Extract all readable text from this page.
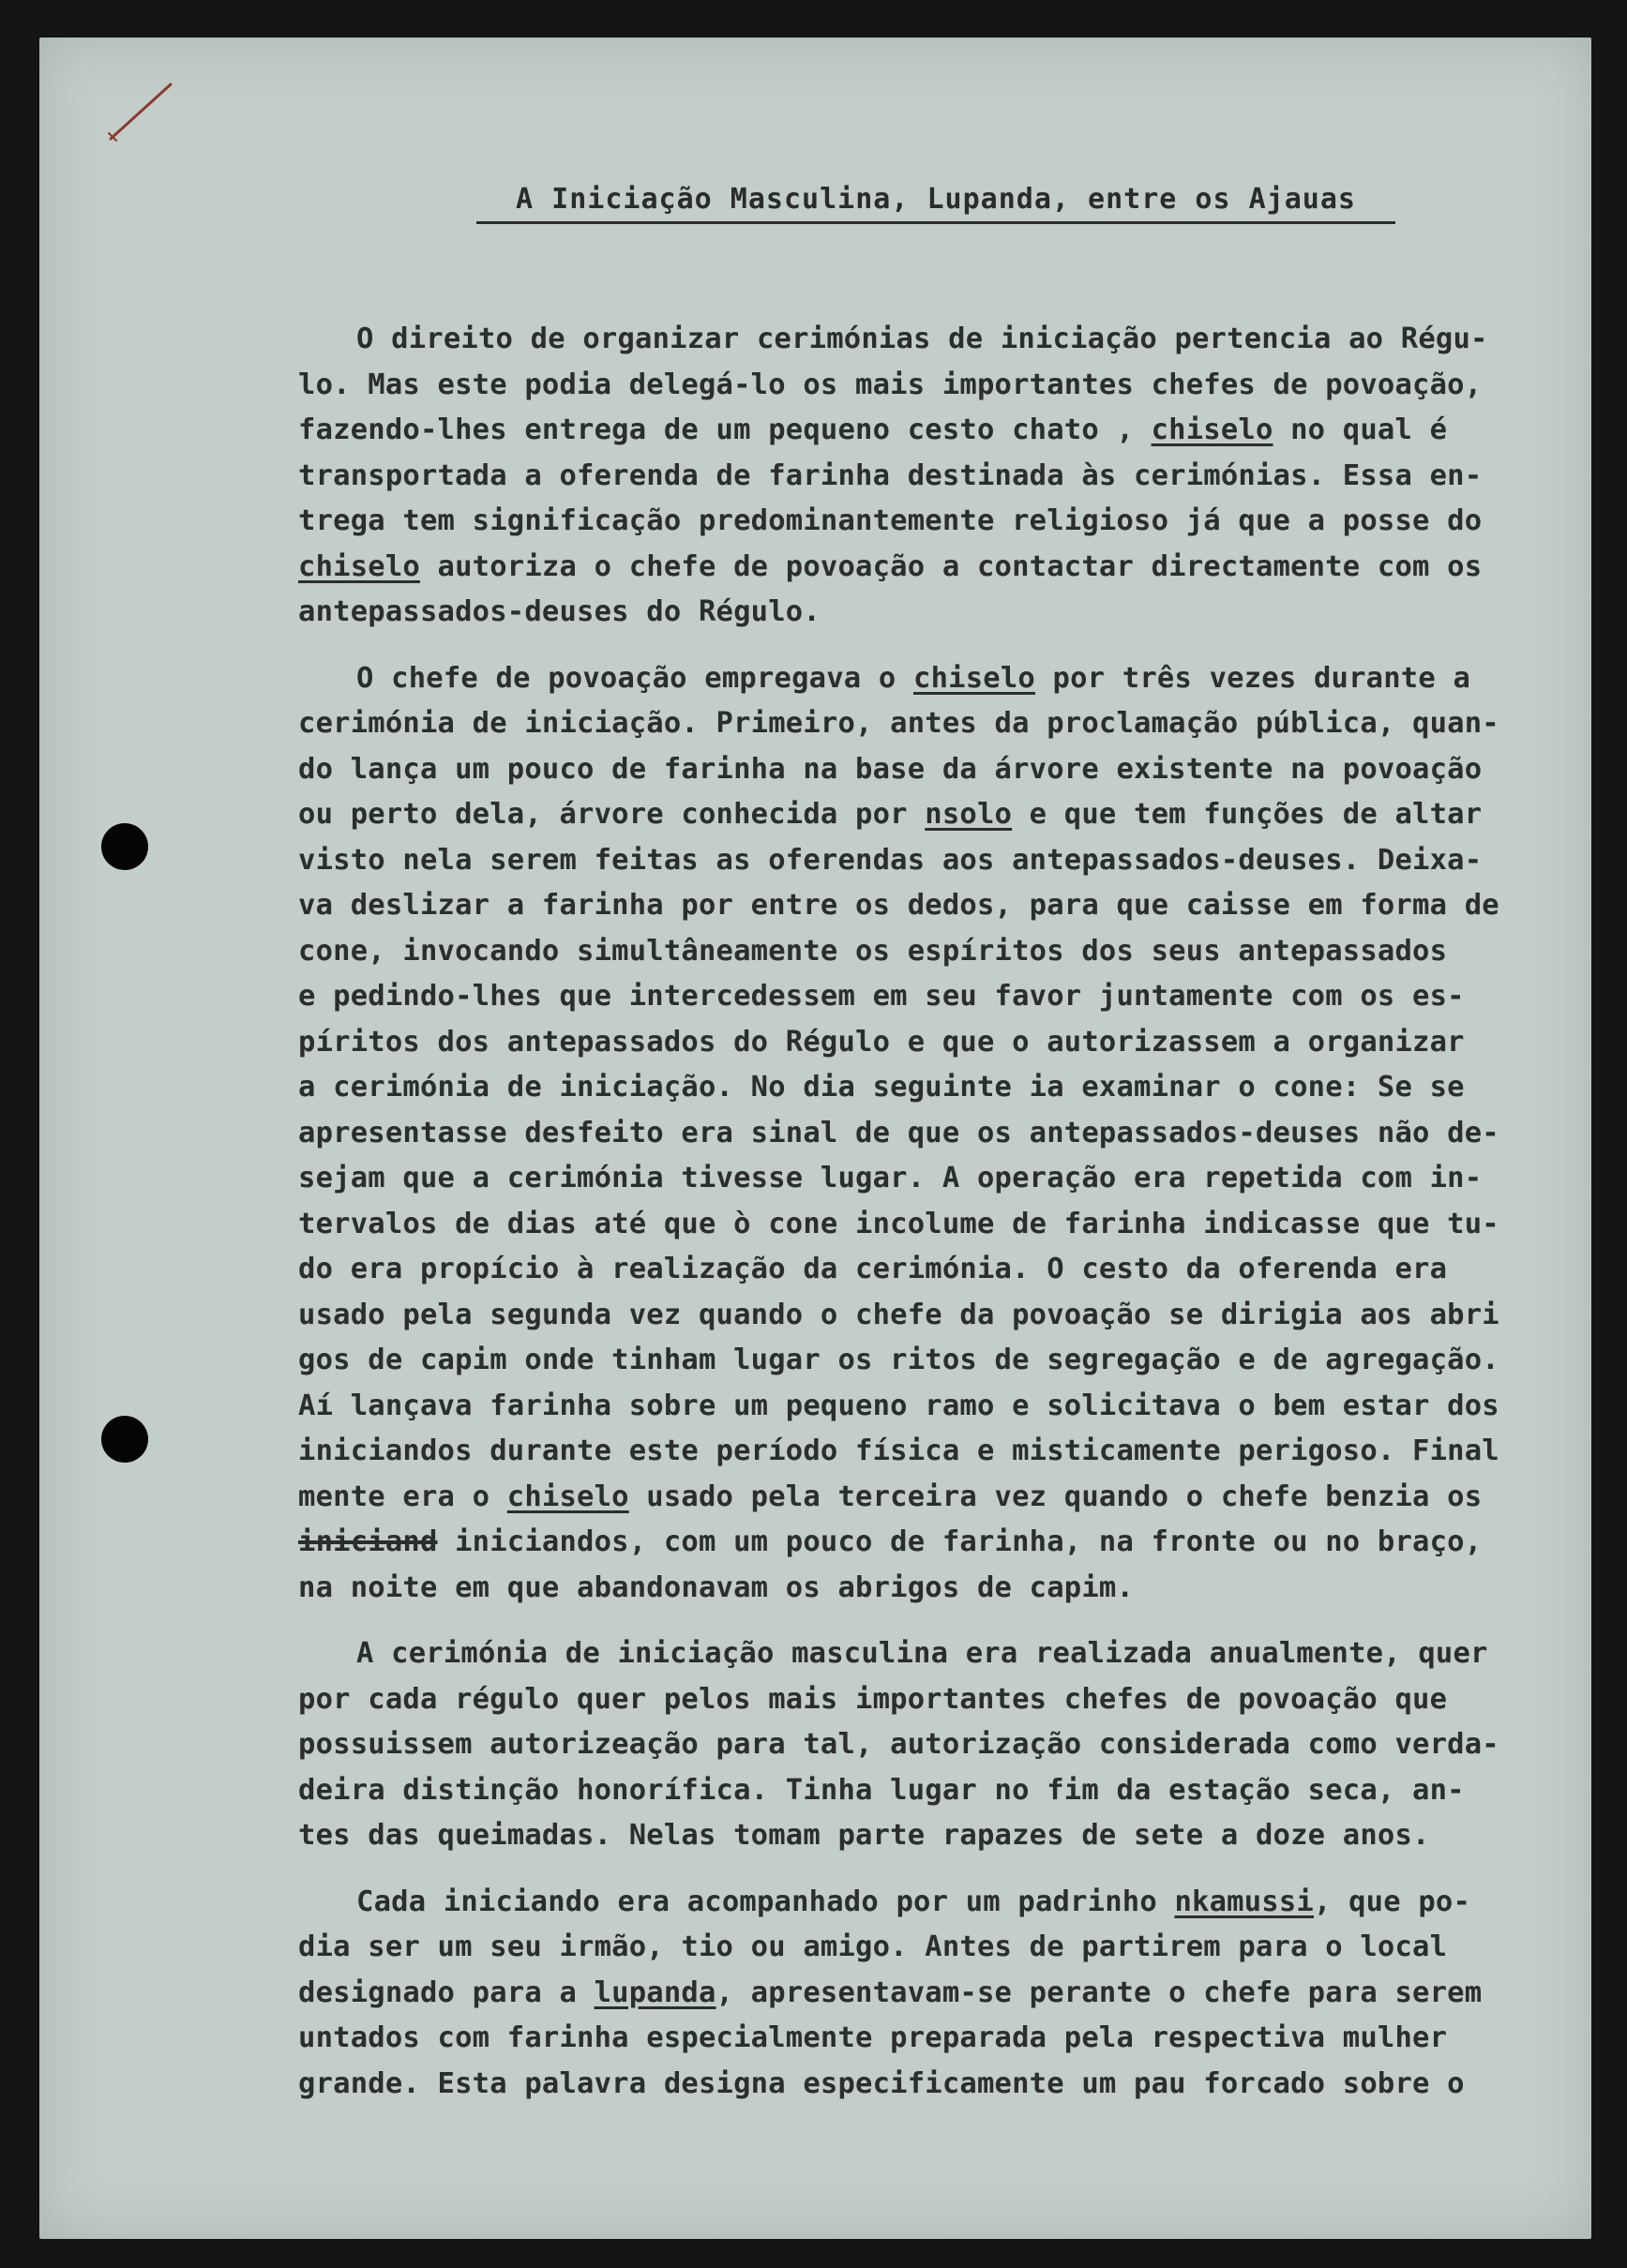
A Iniciação Masculina, Lupanda, entre os Ajauas

O direito de organizar cerimónias de iniciação pertencia ao Régu-
lo. Mas este podia delegá-lo os mais importantes chefes de povoação,
fazendo-lhes entrega de um pequeno cesto chato , chiselo no qual é
transportada a oferenda de farinha destinada às cerimónias. Essa en-
trega tem significação predominantemente religioso já que a posse do
chiselo autoriza o chefe de povoação a contactar directamente com os
antepassados-deuses do Régulo.

O chefe de povoação empregava o chiselo por três vezes durante a
cerimónia de iniciação. Primeiro, antes da proclamação pública, quan-
do lança um pouco de farinha na base da árvore existente na povoação
ou perto dela, árvore conhecida por nsolo e que tem funções de altar
visto nela serem feitas as oferendas aos antepassados-deuses. Deixa-
va deslizar a farinha por entre os dedos, para que caisse em forma de
cone, invocando simultâneamente os espíritos dos seus antepassados
e pedindo-lhes que intercedessem em seu favor juntamente com os es-
píritos dos antepassados do Régulo e que o autorizassem a organizar
a cerimónia de iniciação. No dia seguinte ia examinar o cone: Se se
apresentasse desfeito era sinal de que os antepassados-deuses não de-
sejam que a cerimónia tivesse lugar. A operação era repetida com in-
tervalos de dias até que ò cone incolume de farinha indicasse que tu-
do era propício à realização da cerimónia. O cesto da oferenda era
usado pela segunda vez quando o chefe da povoação se dirigia aos abri
gos de capim onde tinham lugar os ritos de segregação e de agregação.
Aí lançava farinha sobre um pequeno ramo e solicitava o bem estar dos
iniciandos durante este período física e misticamente perigoso. Final
mente era o chiselo usado pela terceira vez quando o chefe benzia os
iniciand iniciandos, com um pouco de farinha, na fronte ou no braço,
na noite em que abandonavam os abrigos de capim.

A cerimónia de iniciação masculina era realizada anualmente, quer
por cada régulo quer pelos mais importantes chefes de povoação que
possuissem autorizeação para tal, autorização considerada como verda-
deira distinção honorífica. Tinha lugar no fim da estação seca, an-
tes das queimadas. Nelas tomam parte rapazes de sete a doze anos.

Cada iniciando era acompanhado por um padrinho nkamussi, que po-
dia ser um seu irmão, tio ou amigo. Antes de partirem para o local
designado para a lupanda, apresentavam-se perante o chefe para serem
untados com farinha especialmente preparada pela respectiva mulher
grande. Esta palavra designa especificamente um pau forcado sobre o
